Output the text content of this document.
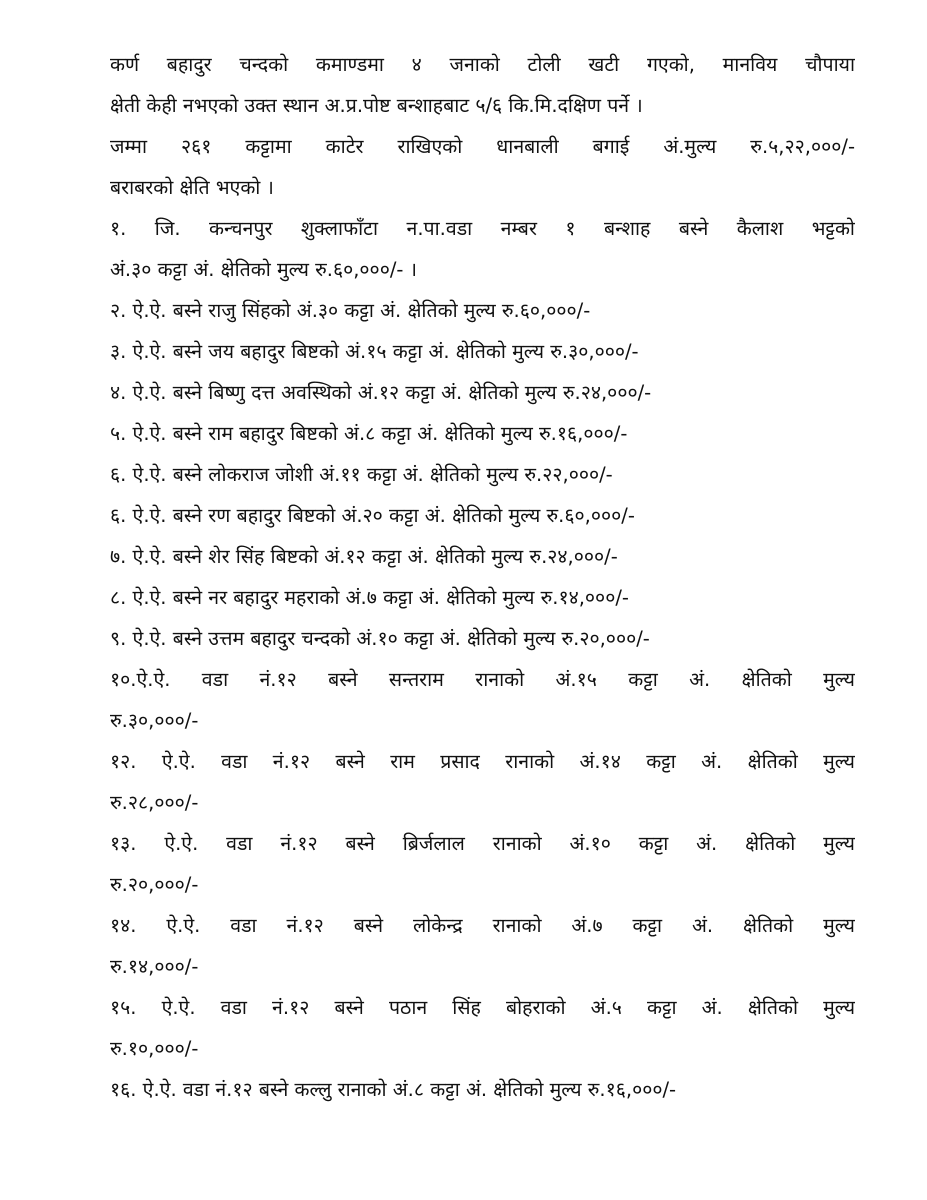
कर्ण बहादुर चन्दको कमाण्डमा ४ जनाको टोली खटी गएको, मानविय चौपाया
क्षेती केही नभएको उक्त स्थान अ.प्र.पोष्ट बन्शाहबाट ५/६ कि.मि.दक्षिण पर्ने ।
जम्मा २६१ कट्टामा काटेर राखिएको धानबाली बगाई अं.मुल्य रु.५,२२,०००/-
बराबरको क्षेति भएको ।
१. जि. कन्चनपुर शुक्लाफाँटा न.पा.वडा नम्बर १ बन्शाह बस्ने कैलाश भट्टको
अं.३० कट्टा अं. क्षेतिको मुल्य रु.६०,०००/- ।
२. ऐ.ऐ. बस्ने राजु सिंहको अं.३० कट्टा अं. क्षेतिको मुल्य रु.६०,०००/-
३. ऐ.ऐ. बस्ने जय बहादुर बिष्टको अं.१५ कट्टा अं. क्षेतिको मुल्य रु.३०,०००/-
४. ऐ.ऐ. बस्ने बिष्णु दत्त अवस्थिको अं.१२ कट्टा अं. क्षेतिको मुल्य रु.२४,०००/-
५. ऐ.ऐ. बस्ने राम बहादुर बिष्टको अं.८ कट्टा अं. क्षेतिको मुल्य रु.१६,०००/-
६. ऐ.ऐ. बस्ने लोकराज जोशी अं.११ कट्टा अं. क्षेतिको मुल्य रु.२२,०००/-
६. ऐ.ऐ. बस्ने रण बहादुर बिष्टको अं.२० कट्टा अं. क्षेतिको मुल्य रु.६०,०००/-
७. ऐ.ऐ. बस्ने शेर सिंह बिष्टको अं.१२ कट्टा अं. क्षेतिको मुल्य रु.२४,०००/-
८. ऐ.ऐ. बस्ने नर बहादुर महराको अं.७ कट्टा अं. क्षेतिको मुल्य रु.१४,०००/-
९. ऐ.ऐ. बस्ने उत्तम बहादुर चन्दको अं.१० कट्टा अं. क्षेतिको मुल्य रु.२०,०००/-
१०.ऐ.ऐ. वडा नं.१२ बस्ने सन्तराम रानाको अं.१५ कट्टा अं. क्षेतिको मुल्य
रु.३०,०००/-
१२. ऐ.ऐ. वडा नं.१२ बस्ने राम प्रसाद रानाको अं.१४ कट्टा अं. क्षेतिको मुल्य
रु.२८,०००/-
१३. ऐ.ऐ. वडा नं.१२ बस्ने ब्रिर्जलाल रानाको अं.१० कट्टा अं. क्षेतिको मुल्य
रु.२०,०००/-
१४. ऐ.ऐ. वडा नं.१२ बस्ने लोकेन्द्र रानाको अं.७ कट्टा अं. क्षेतिको मुल्य
रु.१४,०००/-
१५. ऐ.ऐ. वडा नं.१२ बस्ने पठान सिंह बोहराको अं.५ कट्टा अं. क्षेतिको मुल्य
रु.१०,०००/-
१६. ऐ.ऐ. वडा नं.१२ बस्ने कल्लु रानाको अं.८ कट्टा अं. क्षेतिको मुल्य रु.१६,०००/-
